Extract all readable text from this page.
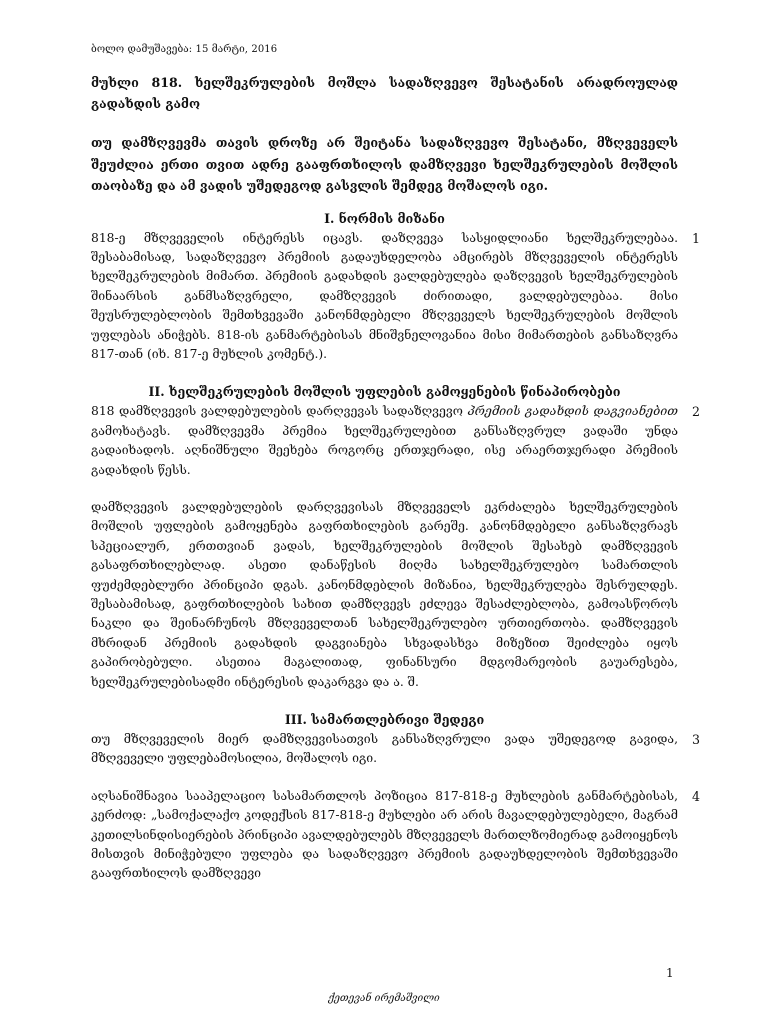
ბოლო დამუშავება: 15 მარტი, 2016

მუხლი 818. ხელშეკრულების მოშლა სადაზღვევო შესატანის არადროულად გადახდის გამო

თუ დამზღვევმა თავის დროზე არ შეიტანა სადაზღვევო შესატანი, მზღვეველს შეუძლია ერთი თვით ადრე გააფრთხილოს დამზღვევი ხელშეკრულების მოშლის თაობაზე და ამ ვადის უშედეგოდ გასვლის შემდეგ მოშალოს იგი.

I. ნორმის მიზანი

818-ე მზღვეველის ინტერესს იცავს. დაზღვევა სასყიდლიანი ხელშეკრულებაა. შესაბამისად, სადაზღვევო პრემიის გადაუხდელობა ამცირებს მზღვეველის ინტერესს ხელშეკრულების მიმართ. პრემიის გადახდის ვალდებულება დაზღვევის ხელშეკრულების შინაარსის განმსაზღვრელი, დამზღვევის ძირითადი, ვალდებულებაა. მისი შეუსრულებლობის შემთხვევაში კანონმდებელი მზღვეველს ხელშეკრულების მოშლის უფლებას ანიჭებს. 818-ის განმარტებისას მნიშვნელოვანია მისი მიმართების განსაზღვრა 817-თან (იხ. 817-ე მუხლის კომენტ.).
1

II. ხელშეკრულების მოშლის უფლების გამოყენების წინაპირობები

818 დამზღვევის ვალდებულების დარღვევას სადაზღვევო პრემიის გადახდის დაგვიანებით გამოხატავს. დამზღვევმა პრემია ხელშეკრულებით განსაზღვრულ ვადაში უნდა გადაიხადოს. აღნიშნული შეეხება როგორც ერთჯერადი, ისე არაერთჯერადი პრემიის გადახდის წესს.
2
დამზღვევის ვალდებულების დარღვევისას მზღვეველს ეკრძალება ხელშეკრულების მოშლის უფლების გამოყენება გაფრთხილების გარეშე. კანონმდებელი განსაზღვრავს სპეციალურ, ერთთვიან ვადას, ხელშეკრულების მოშლის შესახებ დამზღვევის გასაფრთხილებლად. ასეთი დანაწესის მიღმა სახელშეკრულებო სამართლის ფუძემდებლური პრინციპი დგას. კანონმდებლის მიზანია, ხელშეკრულება შესრულდეს. შესაბამისად, გაფრთხილების სახით დამზღვევს ეძლევა შესაძლებლობა, გამოასწოროს ნაკლი და შეინარჩუნოს მზღვეველთან სახელშეკრულებო ურთიერთობა. დამზღვევის მხრიდან პრემიის გადახდის დაგვიანება სხვადასხვა მიზეზით შეიძლება იყოს გაპირობებული. ასეთია მაგალითად, ფინანსური მდგომარეობის გაუარესება, ხელშეკრულებისადმი ინტერესის დაკარგვა და ა. შ.

III. სამართლებრივი შედეგი

თუ მზღვეველის მიერ დამზღვევისათვის განსაზღვრული ვადა უშედეგოდ გავიდა, მზღვეველი უფლებამოსილია, მოშალოს იგი.
3
აღსანიშნავია სააპელაციო სასამართლოს პოზიცია 817-818-ე მუხლების განმარტებისას, კერძოდ: „სამოქალაქო კოდექსის 817-818-ე მუხლები არ არის მავალდებულებელი, მაგრამ კეთილსინდისიერების პრინციპი ავალდებულებს მზღვეველს მართლზომიერად გამოიყენოს მისთვის მინიჭებული უფლება და სადაზღვევო პრემიის გადაუხდელობის შემთხვევაში გააფრთხილოს დამზღვევი
4
1
ქეთევან ირემაშვილი
